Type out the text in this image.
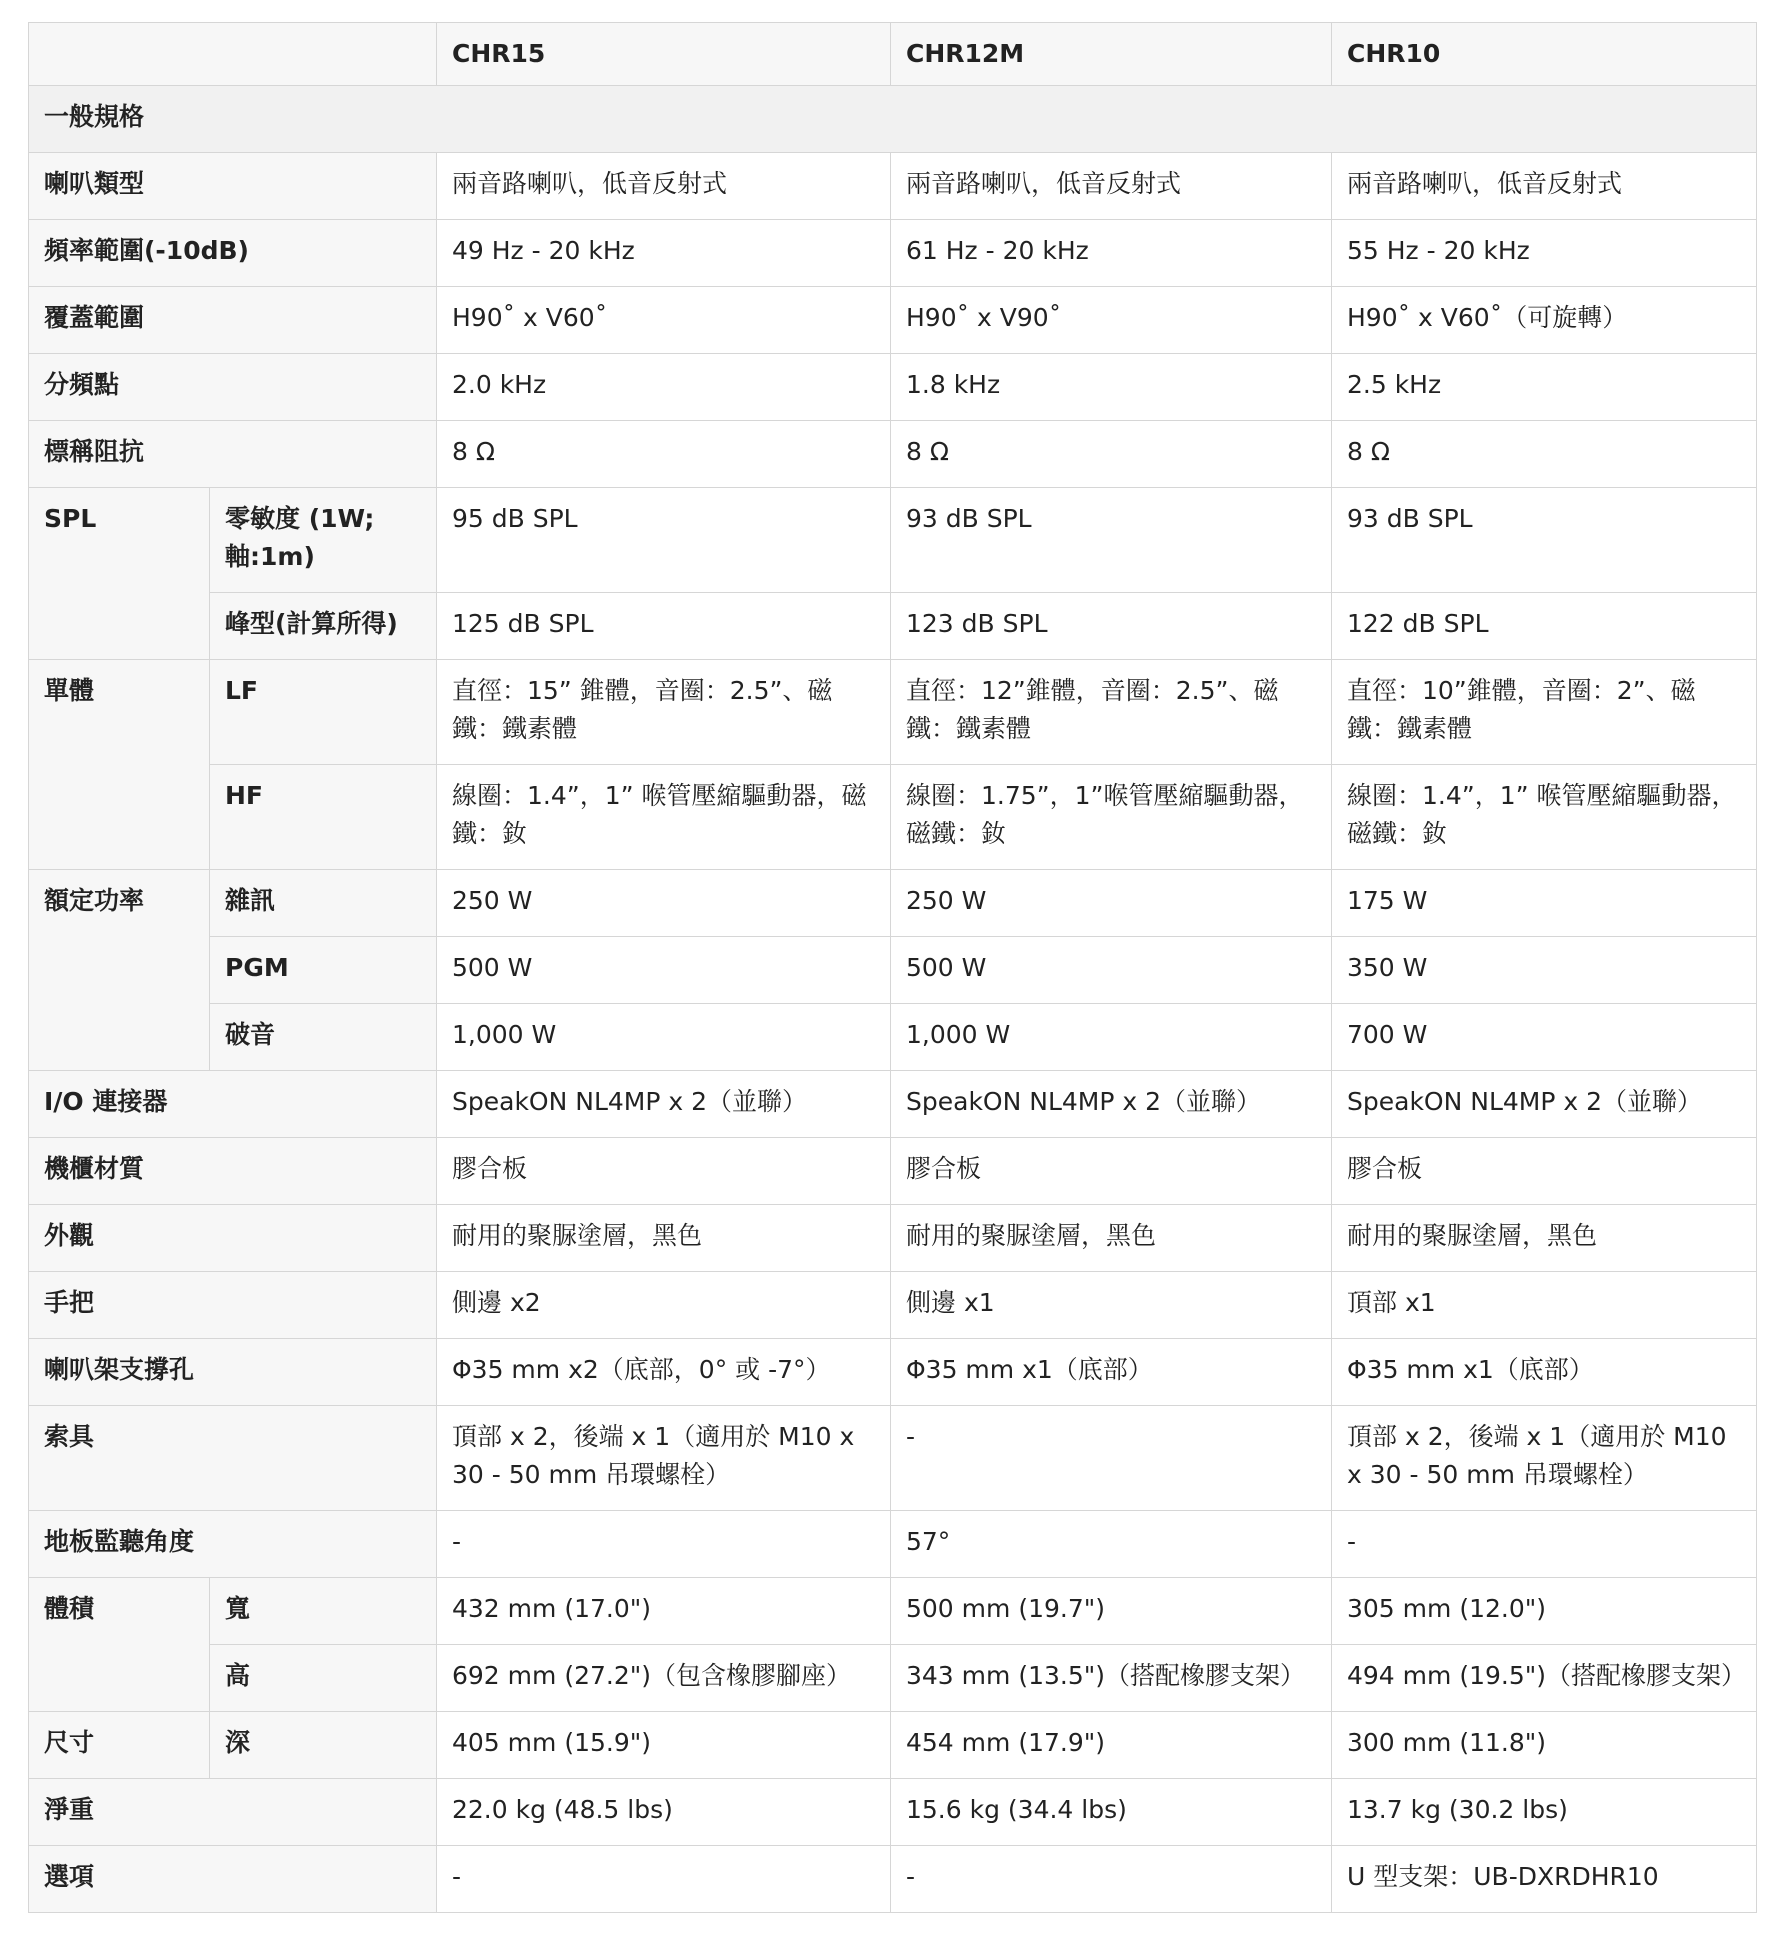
		CHR15	CHR12M	CHR10
一般規格				
喇叭類型		兩音路喇叭，低音反射式	兩音路喇叭，低音反射式	兩音路喇叭，低音反射式
頻率範圍(-10dB)		49 Hz - 20 kHz	61 Hz - 20 kHz	55 Hz - 20 kHz
覆蓋範圍		H90˚ x V60˚	H90˚ x V90˚	H90˚ x V60˚（可旋轉）
分頻點		2.0 kHz	1.8 kHz	2.5 kHz
標稱阻抗		8 Ω	8 Ω	8 Ω
SPL	零敏度 (1W; 軸:1m)	95 dB SPL	93 dB SPL	93 dB SPL
	峰型(計算所得)	125 dB SPL	123 dB SPL	122 dB SPL
單體	LF	直徑：15” 錐體，音圈：2.5”、磁鐵：鐵素體	直徑：12”錐體，音圈：2.5”、磁鐵：鐵素體	直徑：10”錐體，音圈：2”、磁鐵：鐵素體
	HF	線圈：1.4”，1” 喉管壓縮驅動器，磁鐵：釹	線圈：1.75”，1”喉管壓縮驅動器，磁鐵：釹	線圈：1.4”，1” 喉管壓縮驅動器，磁鐵：釹
額定功率	雜訊	250 W	250 W	175 W
	PGM	500 W	500 W	350 W
	破音	1,000 W	1,000 W	700 W
I/O 連接器		SpeakON NL4MP x 2（並聯）	SpeakON NL4MP x 2（並聯）	SpeakON NL4MP x 2（並聯）
機櫃材質		膠合板	膠合板	膠合板
外觀		耐用的聚脲塗層，黑色	耐用的聚脲塗層，黑色	耐用的聚脲塗層，黑色
手把		側邊 x2	側邊 x1	頂部 x1
喇叭架支撐孔		Φ35 mm x2（底部，0° 或 -7°）	Φ35 mm x1（底部）	Φ35 mm x1（底部）
索具		頂部 x 2，後端 x 1（適用於 M10 x 30 - 50 mm 吊環螺栓）	-	頂部 x 2，後端 x 1（適用於 M10 x 30 - 50 mm 吊環螺栓）
地板監聽角度		-	57°	-
體積	寬	432 mm (17.0")	500 mm (19.7")	305 mm (12.0")
	高	692 mm (27.2")（包含橡膠腳座）	343 mm (13.5")（搭配橡膠支架）	494 mm (19.5")（搭配橡膠支架）
尺寸	深	405 mm (15.9")	454 mm (17.9")	300 mm (11.8")
淨重		22.0 kg (48.5 lbs)	15.6 kg (34.4 lbs)	13.7 kg (30.2 lbs)
選項		-	-	U 型支架：UB-DXRDHR10
